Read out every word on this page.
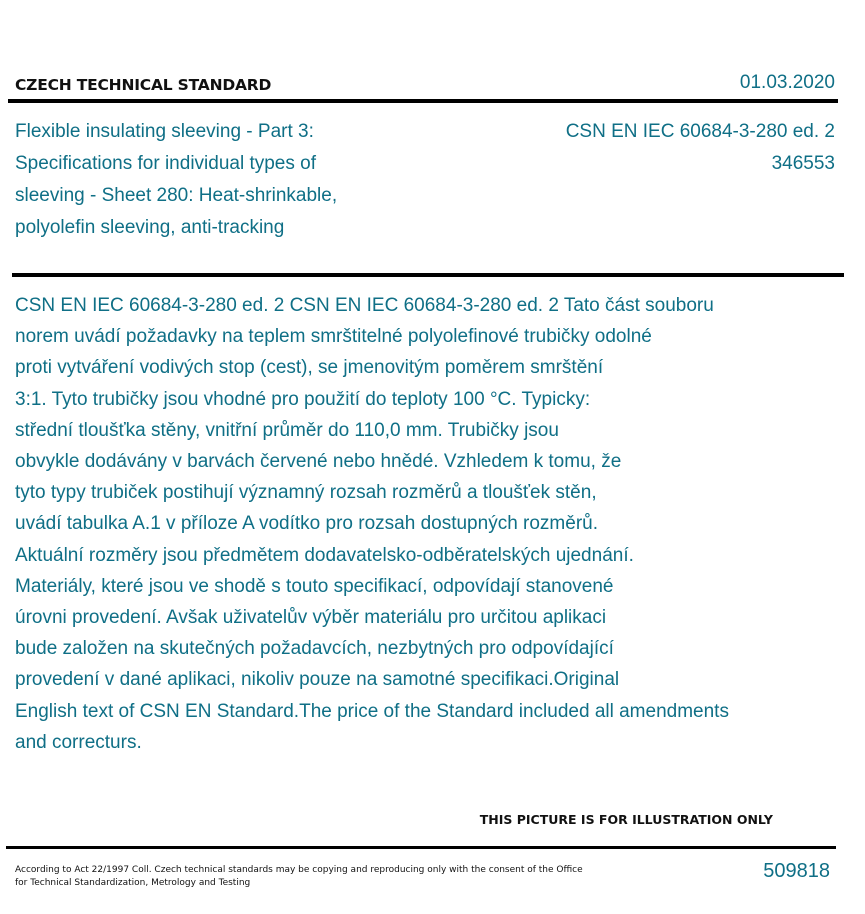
CZECH TECHNICAL STANDARD	01.03.2020
Flexible insulating sleeving - Part 3:
Specifications for individual types of
sleeving - Sheet 280: Heat-shrinkable,
polyolefin sleeving, anti-tracking
CSN EN IEC 60684-3-280 ed. 2
346553
CSN EN IEC 60684-3-280 ed. 2 CSN EN IEC 60684-3-280 ed. 2 Tato část souboru
norem uvádí požadavky na teplem smrštitelné polyolefinové trubičky odolné
proti vytváření vodivých stop (cest), se jmenovitým poměrem smrštění
3:1. Tyto trubičky jsou vhodné pro použití do teploty 100 °C. Typicky:
střední tloušťka stěny, vnitřní průměr do 110,0 mm. Trubičky jsou
obvykle dodávány v barvách červené nebo hnědé. Vzhledem k tomu, že
tyto typy trubiček postihují významný rozsah rozměrů a tloušťek stěn,
uvádí tabulka A.1 v příloze A vodítko pro rozsah dostupných rozměrů.
Aktuální rozměry jsou předmětem dodavatelsko-odběratelských ujednání.
Materiály, které jsou ve shodě s touto specifikací, odpovídají stanovené
úrovni provedení. Avšak uživatelův výběr materiálu pro určitou aplikaci
bude založen na skutečných požadavcích, nezbytných pro odpovídající
provedení v dané aplikaci, nikoliv pouze na samotné specifikaci.Original
English text of CSN EN Standard.The price of the Standard included all amendments
and correcturs.
THIS PICTURE IS FOR ILLUSTRATION ONLY
According to Act 22/1997 Coll. Czech technical standards may be copying and reproducing only with the consent of the Office for Technical Standardization, Metrology and Testing
509818
